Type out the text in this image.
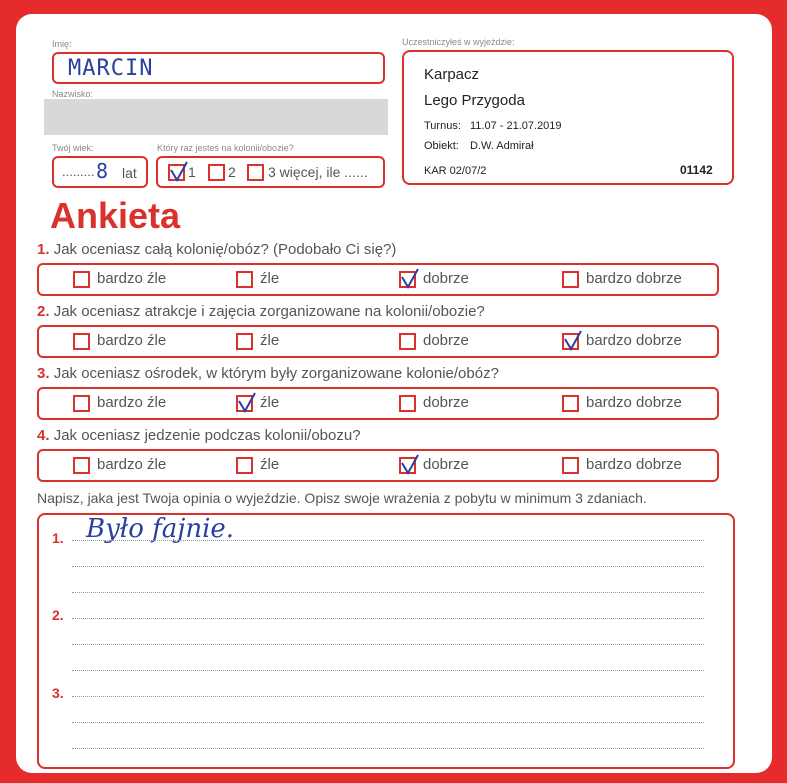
Imię:
MARCIN
Nazwisko:
Twój wiek:
......... 8 lat
Który raz jesteś na kolonii/obozie?
1 2 3 więcej, ile ......
Uczestniczyłeś w wyjeździe:
Karpacz
Lego Przygoda
Turnus: 11.07 - 21.07.2019
Obiekt: D.W. Admirał
KAR 02/07/2	01142
Ankieta
1. Jak oceniasz całą kolonię/obóz? (Podobało Ci się?)
bardzo źle	źle	dobrze	bardzo dobrze
2. Jak oceniasz atrakcje i zajęcia zorganizowane na kolonii/obozie?
bardzo źle	źle	dobrze	bardzo dobrze
3. Jak oceniasz ośrodek, w którym były zorganizowane kolonie/obóz?
bardzo źle	źle	dobrze	bardzo dobrze
4. Jak oceniasz jedzenie podczas kolonii/obozu?
bardzo źle	źle	dobrze	bardzo dobrze
Napisz, jaka jest Twoja opinia o wyjeździe. Opisz swoje wrażenia z pobytu w minimum 3 zdaniach.
1. Było fajnie.
2.
3.
